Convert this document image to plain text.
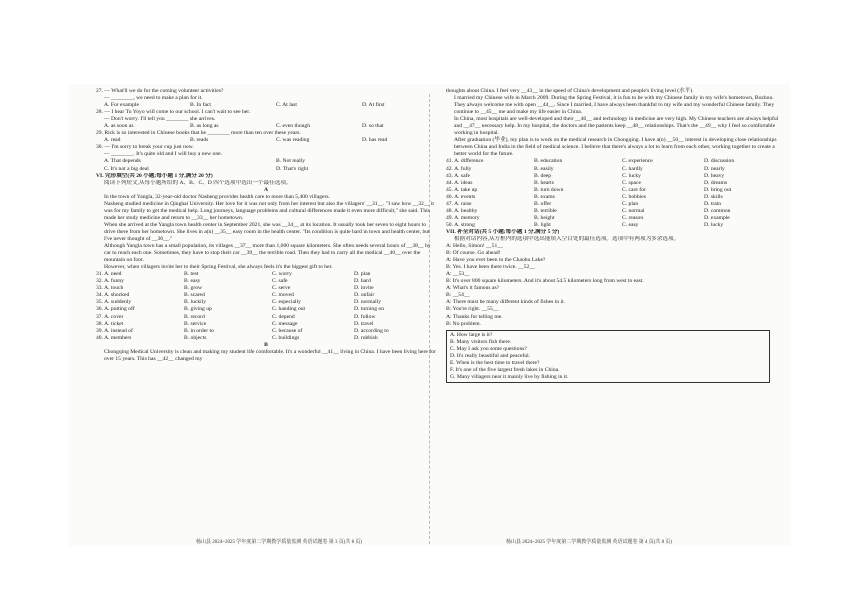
27. — What'll we do for the coming volunteer activities?
— ________, we need to make a plan for it.
A. For example	B. In fact	C. At last	D. At first
28. — I hear Tu Yoyo will come to our school. I can't wait to see her.
— Don't worry. I'll tell you ________ she arrives.
A. as soon as	B. as long as	C. even though	D. so that
29. Rick is so interested in Chinese books that he ________ more than ten over these years.
A. read	B. reads	C. was reading	D. has read
30. — I'm sorry to break your cup just now.
— ________. It's quite old and I will buy a new one.
A. That depends	B. Not really
C. It's not a big deal	D. That's right
VI. 完形填空(共 20 小题;每小题 1 分,满分 20 分)
阅读下列短文,从每小题所给的 A、B、C、D 四个选项中选出一个最佳选项。
A
In the town of Yangla, 32-year-old doctor Nasheng provides health care to more than 5,400 villagers.
Nasheng studied medicine in Qinghai University. Her love for it was not only from her interest but also the villagers' __31__. "I saw how __32__ it was for my family to get the medical help. Long journeys, language problems and cultural differences made it even more difficult," she said. This made her study medicine and return to __33__ her hometown.
When she arrived at the Yangla town health center in September 2021, she was __34__ at its location. It usually took her seven to eight hours to drive there from her hometown. She lives in a(n) __35__ easy room in the health center. "Its condition is quite hard in town and health center, but I've never thought of __36__."
Although Yangla town has a small population, its villages __37__ more than 1,000 square kilometers. She often needs several hours of __38__ by car to reach each one. Sometimes, they have to stop their car __39__ the terrible road. Then they had to carry all the medical __40__ over the mountain on foot.
However, when villagers invite her to their Spring Festival, she always feels it's the biggest gift to her.
31. A. need	B. test	C. worry	D. plan
32. A. funny	B. easy	C. safe	D. hard
33. A. touch	B. grow	C. serve	D. invite
34. A. shocked	B. scared	C. moved	D. unfair
35. A. suddenly	B. luckily	C. especially	D. normally
36. A. putting off	B. giving up	C. handing out	D. turning on
37. A. cover	B. record	C. depend	D. follow
38. A. ticket	B. service	C. message	D. travel
39. A. instead of	B. in order to	C. because of	D. according to
40. A. members	B. objects	C. buildings	D. rubbish
B
Chongqing Medical University is clean and making my student life comfortable. It's a wonderful __41__ living in China. I have been living here for over 15 years. This has __42__ changed my
杨山县 2024~2025 学年度第二学期教学质量监测 英语试题卷 第 3 页(共 8 页)
thoughts about China. I feel very __43__ in the speed of China's development and people's living level (水平).
I married my Chinese wife in March 2009. During the Spring Festival, it is fun to be with my Chinese family in my wife's hometown, Bozhou. They always welcome me with open __44__. Since I married, I have always been thankful to my wife and my wonderful Chinese family. They continue to __45__ me and make my life easier in China.
In China, most hospitals are well-developed and their __46__ and technology in medicine are very high. My Chinese teachers are always helpful and __47__ necessary help. In my hospital, the doctors and the patients keep __48__ relationships. That's the __49__ why I feel so comfortable working in hospital.
After graduation (毕业), my plan is to work on the medical research in Chongqing. I have a(n) __50__ interest in developing close relationships between China and India in the field of medical science. I believe that there's always a lot to learn from each other, working together to create a better world for the future.
41. A. difference	B. education	C. experience	D. discussion
42. A. fully	B. easily	C. hardly	D. nearly
43. A. safe	B. deep	C. lucky	D. heavy
44. A. ideas	B. hearts	C. space	D. dreams
45. A. take up	B. turn down	C. care for	D. bring out
46. A. events	B. exams	C. hobbies	D. skills
47. A. raise	B. offer	C. plan	D. train
48. A. healthy	B. terrible	C. normal	D. common
49. A. memory	B. height	C. reason	D. example
50. A. strong	B. light	C. easy	D. lucky
VII. 补全对话(共 5 小题;每小题 1 分,满分 5 分)
根据对话内容,从方框内的选项中选出能填入空白处的最佳选项。选项中有两项为多余选项。
A: Hello, Simon! __51__
B: Of course. Go ahead!
A: Have you ever been to the Chaohu Lake?
B: Yes. I have been there twice. __52__
A: __53__
B: It's over 800 square kilometers. And it's about 54.5 kilometers long from west to east.
A: What's it famous as?
B: __54__
A: There must be many different kinds of fishes in it.
B: You're right. __55__
A: Thanks for telling me.
B: No problem.
A. How large is it?
B. Many visitors fish there.
C. May I ask you some questions?
D. It's really beautiful and peaceful.
E. When is the best time to travel there?
F. It's one of the five largest fresh lakes in China.
G. Many villagers near it mainly live by fishing in it.
杨山县 2024~2025 学年度第二学期教学质量监测 英语试题卷 第 4 页(共 8 页)
